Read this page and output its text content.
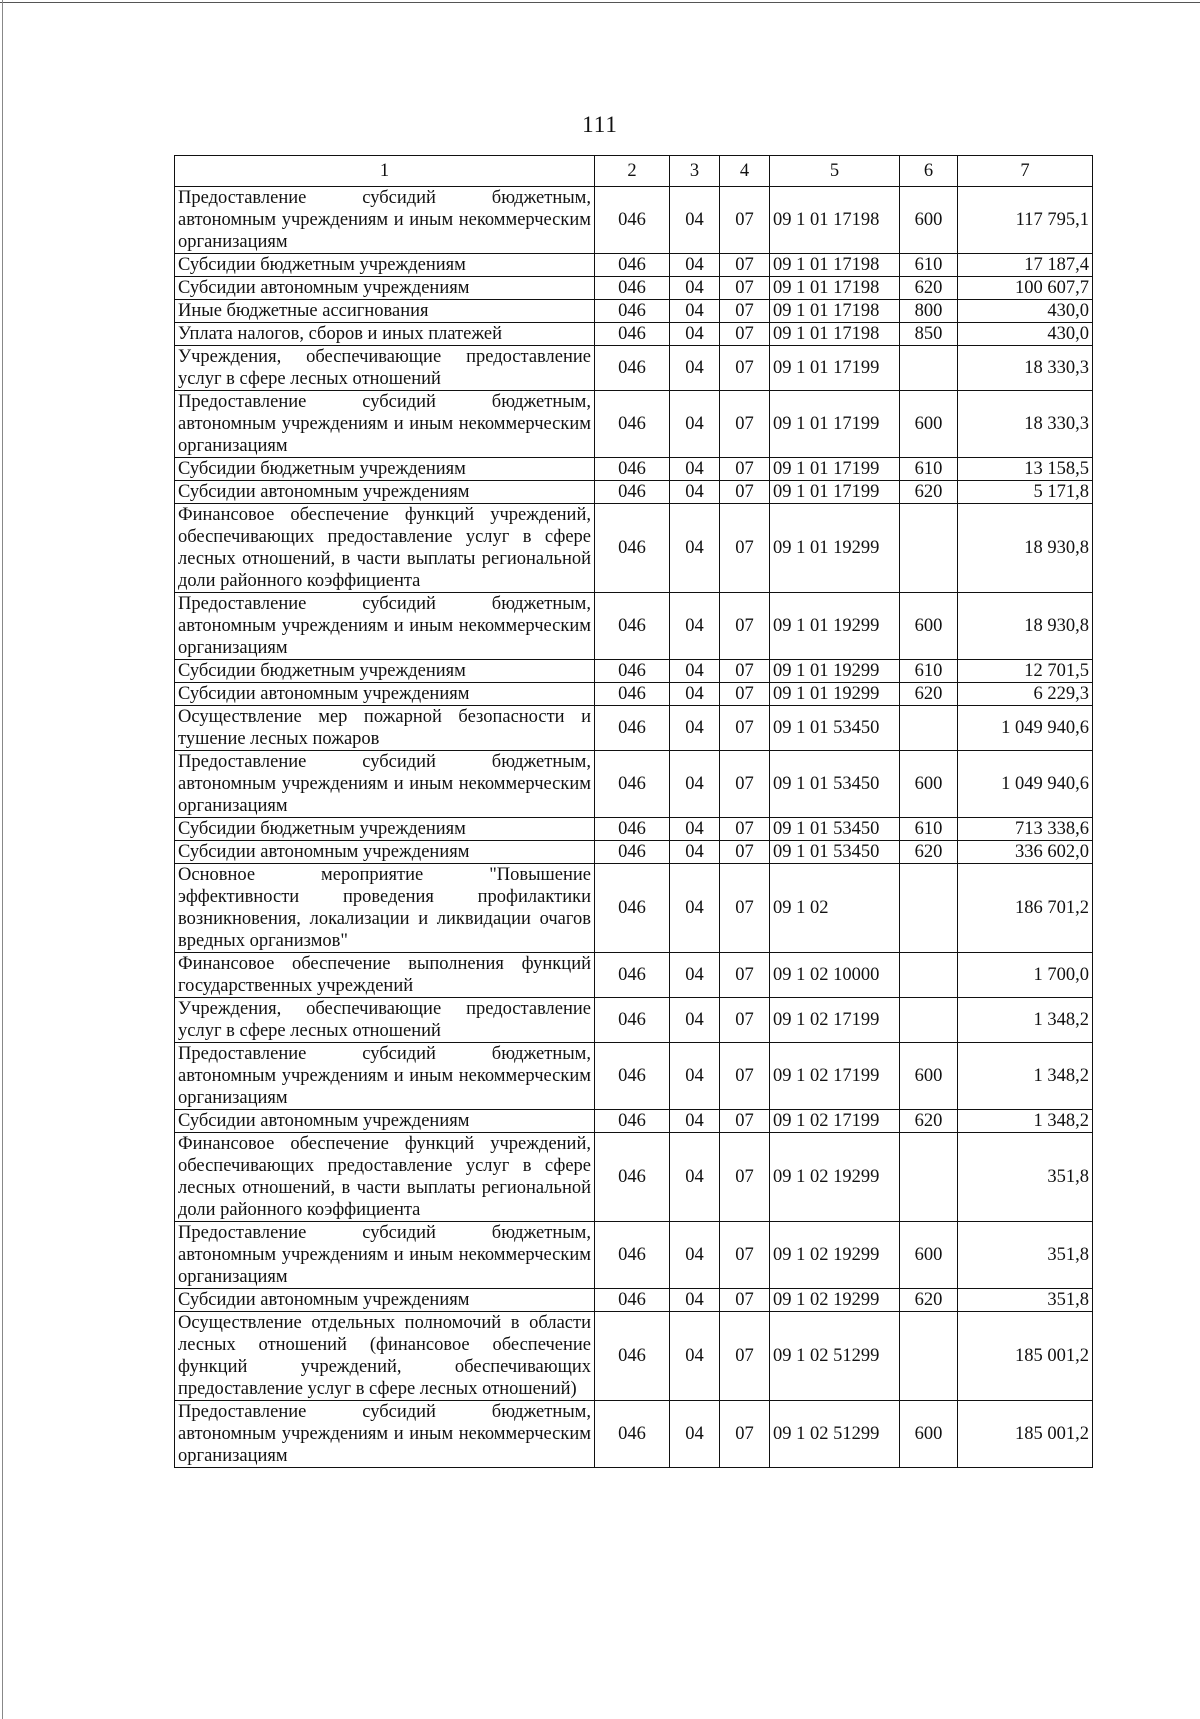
111
1	2	3	4	5	6	7
Предоставление субсидий бюджетным, автономным учреждениям и иным некоммерческим организациям	046	04	07	09 1 01 17198	600	117 795,1
Субсидии бюджетным учреждениям	046	04	07	09 1 01 17198	610	17 187,4
Субсидии автономным учреждениям	046	04	07	09 1 01 17198	620	100 607,7
Иные бюджетные ассигнования	046	04	07	09 1 01 17198	800	430,0
Уплата налогов, сборов и иных платежей	046	04	07	09 1 01 17198	850	430,0
Учреждения, обеспечивающие предоставление услуг в сфере лесных отношений	046	04	07	09 1 01 17199		18 330,3
Предоставление субсидий бюджетным, автономным учреждениям и иным некоммерческим организациям	046	04	07	09 1 01 17199	600	18 330,3
Субсидии бюджетным учреждениям	046	04	07	09 1 01 17199	610	13 158,5
Субсидии автономным учреждениям	046	04	07	09 1 01 17199	620	5 171,8
Финансовое обеспечение функций учреждений, обеспечивающих предоставление услуг в сфере лесных отношений, в части выплаты региональной доли районного коэффициента	046	04	07	09 1 01 19299		18 930,8
Предоставление субсидий бюджетным, автономным учреждениям и иным некоммерческим организациям	046	04	07	09 1 01 19299	600	18 930,8
Субсидии бюджетным учреждениям	046	04	07	09 1 01 19299	610	12 701,5
Субсидии автономным учреждениям	046	04	07	09 1 01 19299	620	6 229,3
Осуществление мер пожарной безопасности и тушение лесных пожаров	046	04	07	09 1 01 53450		1 049 940,6
Предоставление субсидий бюджетным, автономным учреждениям и иным некоммерческим организациям	046	04	07	09 1 01 53450	600	1 049 940,6
Субсидии бюджетным учреждениям	046	04	07	09 1 01 53450	610	713 338,6
Субсидии автономным учреждениям	046	04	07	09 1 01 53450	620	336 602,0
Основное мероприятие "Повышение эффективности проведения профилактики возникновения, локализации и ликвидации очагов вредных организмов"	046	04	07	09 1 02		186 701,2
Финансовое обеспечение выполнения функций государственных учреждений	046	04	07	09 1 02 10000		1 700,0
Учреждения, обеспечивающие предоставление услуг в сфере лесных отношений	046	04	07	09 1 02 17199		1 348,2
Предоставление субсидий бюджетным, автономным учреждениям и иным некоммерческим организациям	046	04	07	09 1 02 17199	600	1 348,2
Субсидии автономным учреждениям	046	04	07	09 1 02 17199	620	1 348,2
Финансовое обеспечение функций учреждений, обеспечивающих предоставление услуг в сфере лесных отношений, в части выплаты региональной доли районного коэффициента	046	04	07	09 1 02 19299		351,8
Предоставление субсидий бюджетным, автономным учреждениям и иным некоммерческим организациям	046	04	07	09 1 02 19299	600	351,8
Субсидии автономным учреждениям	046	04	07	09 1 02 19299	620	351,8
Осуществление отдельных полномочий в области лесных отношений (финансовое обеспечение функций учреждений, обеспечивающих предоставление услуг в сфере лесных отношений)	046	04	07	09 1 02 51299		185 001,2
Предоставление субсидий бюджетным, автономным учреждениям и иным некоммерческим организациям	046	04	07	09 1 02 51299	600	185 001,2
